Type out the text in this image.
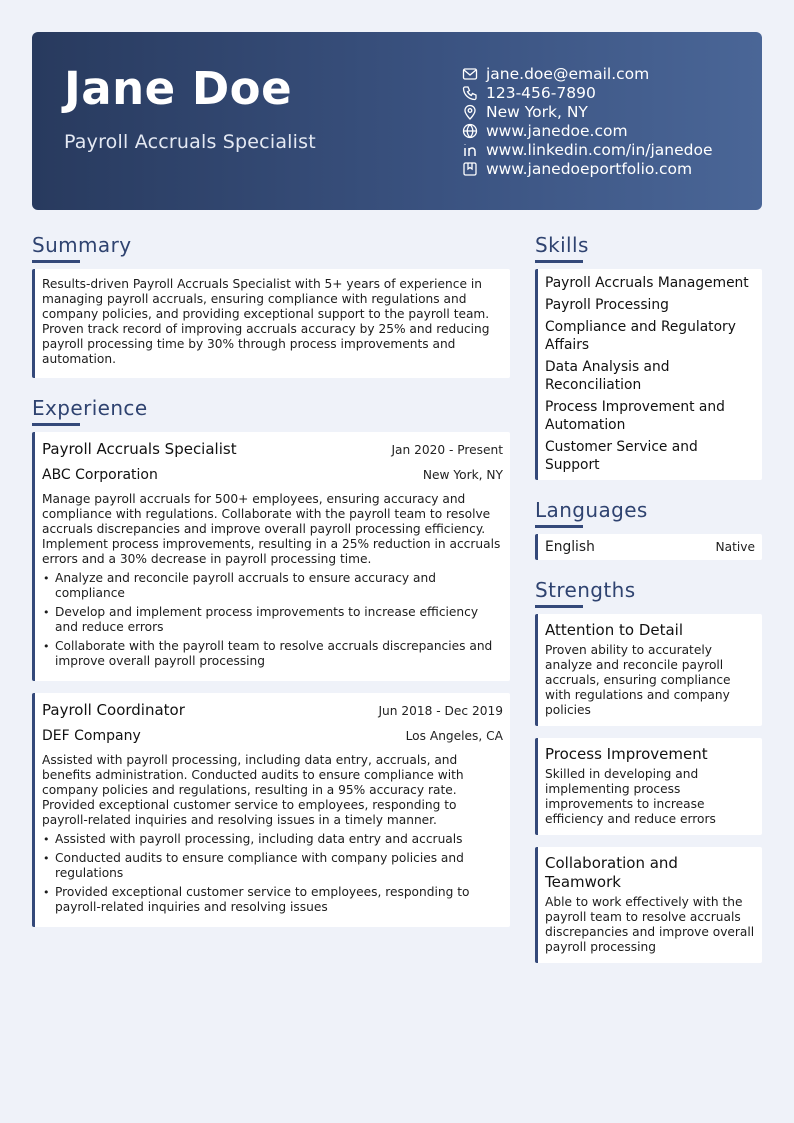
Jane Doe
Payroll Accruals Specialist
jane.doe@email.com
123-456-7890
New York, NY
www.janedoe.com
www.linkedin.com/in/janedoe
www.janedoeportfolio.com
Summary

Results-driven Payroll Accruals Specialist with 5+ years of experience in managing payroll accruals, ensuring compliance with regulations and company policies, and providing exceptional support to the payroll team. Proven track record of improving accruals accuracy by 25% and reducing payroll processing time by 30% through process improvements and automation.

Experience
Payroll Accruals Specialist	Jan 2020 - Present
ABC Corporation	New York, NY

Manage payroll accruals for 500+ employees, ensuring accuracy and compliance with regulations. Collaborate with the payroll team to resolve accruals discrepancies and improve overall payroll processing efficiency. Implement process improvements, resulting in a 25% reduction in accruals errors and a 30% decrease in payroll processing time.

• Analyze and reconcile payroll accruals to ensure accuracy and compliance
• Develop and implement process improvements to increase efficiency and reduce errors
• Collaborate with the payroll team to resolve accruals discrepancies and improve overall payroll processing
Payroll Coordinator	Jun 2018 - Dec 2019
DEF Company	Los Angeles, CA

Assisted with payroll processing, including data entry, accruals, and benefits administration. Conducted audits to ensure compliance with company policies and regulations, resulting in a 95% accuracy rate. Provided exceptional customer service to employees, responding to payroll-related inquiries and resolving issues in a timely manner.

• Assisted with payroll processing, including data entry and accruals
• Conducted audits to ensure compliance with company policies and regulations
• Provided exceptional customer service to employees, responding to payroll-related inquiries and resolving issues
Skills
Payroll Accruals Management
Payroll Processing
Compliance and Regulatory Affairs
Data Analysis and Reconciliation
Process Improvement and Automation
Customer Service and Support
Languages
English	Native
Strengths
Attention to Detail

Proven ability to accurately analyze and reconcile payroll accruals, ensuring compliance with regulations and company policies

Process Improvement

Skilled in developing and implementing process improvements to increase efficiency and reduce errors

Collaboration and Teamwork

Able to work effectively with the payroll team to resolve accruals discrepancies and improve overall payroll processing
